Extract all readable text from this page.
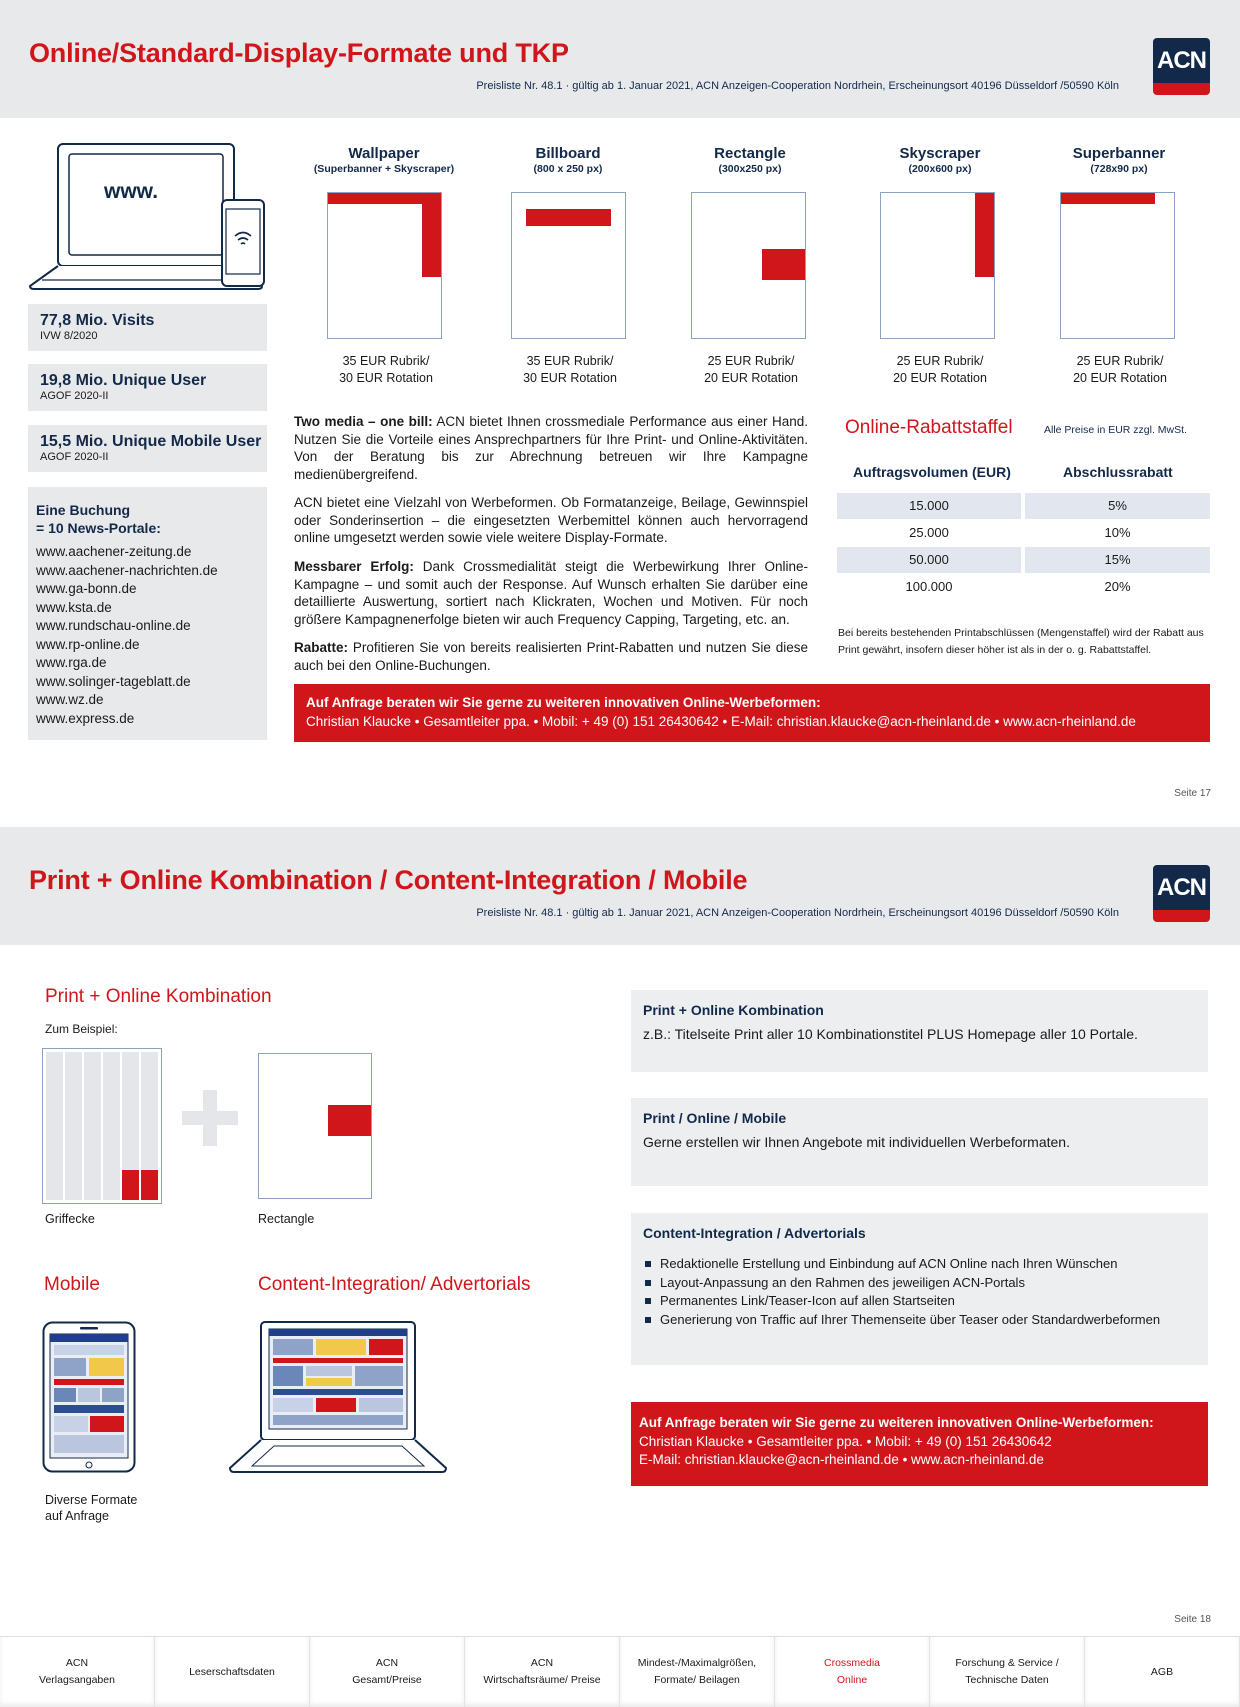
Online/Standard-Display-Formate und TKP
Preisliste Nr. 48.1 · gültig ab 1. Januar 2021, ACN Anzeigen-Cooperation Nordrhein, Erscheinungsort 40196 Düsseldorf /50590 Köln
ACN
www.
77,8 Mio. Visits
IVW 8/2020
19,8 Mio. Unique User
AGOF 2020-II
15,5 Mio. Unique Mobile User
AGOF 2020-II
Eine Buchung
= 10 News-Portale:
www.aachener-zeitung.de
www.aachener-nachrichten.de
www.ga-bonn.de
www.ksta.de
www.rundschau-online.de
www.rp-online.de
www.rga.de
www.solinger-tageblatt.de
www.wz.de
www.express.de
Wallpaper
(Superbanner + Skyscraper)
Billboard
(800 x 250 px)
Rectangle
(300x250 px)
Skyscraper
(200x600 px)
Superbanner
(728x90 px)
35 EUR Rubrik/
30 EUR Rotation
35 EUR Rubrik/
30 EUR Rotation
25 EUR Rubrik/
20 EUR Rotation
25 EUR Rubrik/
20 EUR Rotation
25 EUR Rubrik/
20 EUR Rotation
Two media – one bill: ACN bietet Ihnen crossmediale Performance aus einer Hand. Nutzen Sie die Vorteile eines Ansprechpartners für Ihre Print- und Online-Aktivitäten. Von der Beratung bis zur Abrechnung betreuen wir Ihre Kampagne medienübergreifend.
ACN bietet eine Vielzahl von Werbeformen. Ob Formatanzeige, Beilage, Gewinnspiel oder Sonderinsertion – die eingesetzten Werbemittel können auch hervorragend online umgesetzt werden sowie viele weitere Display-Formate.
Messbarer Erfolg: Dank Crossmedialität steigt die Werbewirkung Ihrer Online-Kampagne – und somit auch der Response. Auf Wunsch erhalten Sie darüber eine detaillierte Auswertung, sortiert nach Klickraten, Wochen und Motiven. Für noch größere Kampagnenerfolge bieten wir auch Frequency Capping, Targeting, etc. an.
Rabatte: Profitieren Sie von bereits realisierten Print-Rabatten und nutzen Sie diese auch bei den Online-Buchungen.
Online-Rabattstaffel	Alle Preise in EUR zzgl. MwSt.
Auftragsvolumen (EUR)	Abschlussrabatt
15.000	5%
25.000	10%
50.000	15%
100.000	20%
Bei bereits bestehenden Printabschlüssen (Mengenstaffel) wird der Rabatt aus Print gewährt, insofern dieser höher ist als in der o. g. Rabattstaffel.
Auf Anfrage beraten wir Sie gerne zu weiteren innovativen Online-Werbeformen:
Christian Klaucke • Gesamtleiter ppa. • Mobil: + 49 (0) 151 26430642 • E-Mail: christian.klaucke@acn-rheinland.de • www.acn-rheinland.de
Seite 17
Print + Online Kombination / Content-Integration / Mobile
Preisliste Nr. 48.1 · gültig ab 1. Januar 2021, ACN Anzeigen-Cooperation Nordrhein, Erscheinungsort 40196 Düsseldorf /50590 Köln
ACN
Print + Online Kombination
Zum Beispiel:
Griffecke	Rectangle
Mobile	Content-Integration/ Advertorials
Diverse Formate
auf Anfrage
Print + Online Kombination
z.B.: Titelseite Print aller 10 Kombinationstitel PLUS Homepage aller 10 Portale.
Print / Online / Mobile
Gerne erstellen wir Ihnen Angebote mit individuellen Werbeformaten.
Content-Integration / Advertorials
Redaktionelle Erstellung und Einbindung auf ACN Online nach Ihren Wünschen
Layout-Anpassung an den Rahmen des jeweiligen ACN-Portals
Permanentes Link/Teaser-Icon auf allen Startseiten
Generierung von Traffic auf Ihrer Themenseite über Teaser oder Standardwerbeformen
Auf Anfrage beraten wir Sie gerne zu weiteren innovativen Online-Werbeformen:
Christian Klaucke • Gesamtleiter ppa. • Mobil: + 49 (0) 151 26430642
E-Mail: christian.klaucke@acn-rheinland.de • www.acn-rheinland.de
Seite 18
ACN
Verlagsangaben
Leserschaftsdaten
ACN
Gesamt/Preise
ACN
Wirtschaftsräume/ Preise
Mindest-/Maximalgrößen,
Formate/ Beilagen
Crossmedia
Online
Forschung & Service /
Technische Daten
AGB
